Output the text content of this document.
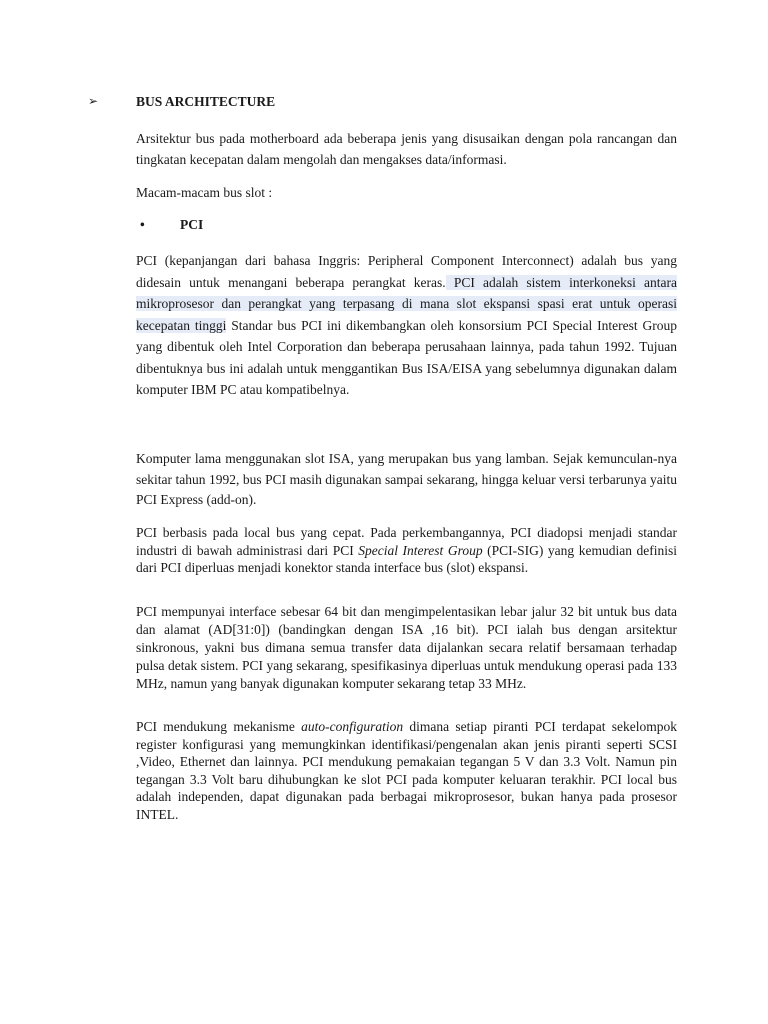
➢	BUS ARCHITECTURE

Arsitektur bus pada motherboard ada beberapa jenis yang disusaikan dengan pola rancangan dan tingkatan kecepatan dalam mengolah dan mengakses data/informasi.

Macam-macam bus slot :

•	PCI

PCI (kepanjangan dari bahasa Inggris: Peripheral Component Interconnect) adalah bus yang didesain untuk menangani beberapa perangkat keras. PCI adalah sistem interkoneksi antara mikroprosesor dan perangkat yang terpasang di mana slot ekspansi spasi erat untuk operasi kecepatan tinggi Standar bus PCI ini dikembangkan oleh konsorsium PCI Special Interest Group yang dibentuk oleh Intel Corporation dan beberapa perusahaan lainnya, pada tahun 1992. Tujuan dibentuknya bus ini adalah untuk menggantikan Bus ISA/EISA yang sebelumnya digunakan dalam komputer IBM PC atau kompatibelnya.

Komputer lama menggunakan slot ISA, yang merupakan bus yang lamban. Sejak kemunculan-nya sekitar tahun 1992, bus PCI masih digunakan sampai sekarang, hingga keluar versi terbarunya yaitu PCI Express (add-on).

PCI berbasis pada local bus yang cepat. Pada perkembangannya, PCI diadopsi menjadi standar industri di bawah administrasi dari PCI Special Interest Group (PCI-SIG) yang kemudian definisi dari PCI diperluas menjadi konektor standa interface bus (slot) ekspansi.

PCI mempunyai interface sebesar 64 bit dan mengimpelentasikan lebar jalur 32 bit untuk bus data dan alamat (AD[31:0]) (bandingkan dengan ISA ,16 bit). PCI ialah bus dengan arsitektur sinkronous, yakni bus dimana semua transfer data dijalankan secara relatif bersamaan terhadap pulsa detak sistem. PCI yang sekarang, spesifikasinya diperluas untuk mendukung operasi pada 133 MHz, namun yang banyak digunakan komputer sekarang tetap 33 MHz.

PCI mendukung mekanisme auto-configuration dimana setiap piranti PCI terdapat sekelompok register konfigurasi yang memungkinkan identifikasi/pengenalan akan jenis piranti seperti SCSI ,Video, Ethernet dan lainnya. PCI mendukung pemakaian tegangan 5 V dan 3.3 Volt. Namun pin tegangan 3.3 Volt baru dihubungkan ke slot PCI pada komputer keluaran terakhir. PCI local bus adalah independen, dapat digunakan pada berbagai mikroprosesor, bukan hanya pada prosesor INTEL.
